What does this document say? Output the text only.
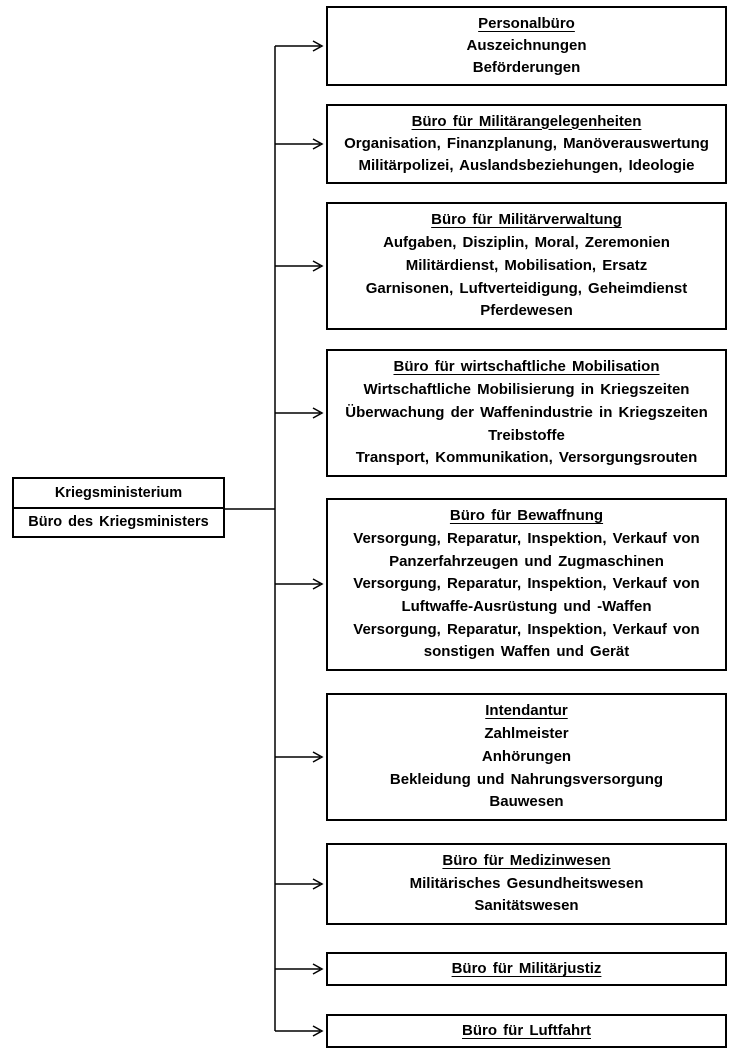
Kriegsministerium
Büro des Kriegsministers
Personalbüro
Auszeichnungen
Beförderungen
Büro für Militärangelegenheiten
Organisation, Finanzplanung, Manöverauswertung
Militärpolizei, Auslandsbeziehungen, Ideologie
Büro für Militärverwaltung
Aufgaben, Disziplin, Moral, Zeremonien
Militärdienst, Mobilisation, Ersatz
Garnisonen, Luftverteidigung, Geheimdienst
Pferdewesen
Büro für wirtschaftliche Mobilisation
Wirtschaftliche Mobilisierung in Kriegszeiten
Überwachung der Waffenindustrie in Kriegszeiten
Treibstoffe
Transport, Kommunikation, Versorgungsrouten
Büro für Bewaffnung
Versorgung, Reparatur, Inspektion, Verkauf von
Panzerfahrzeugen und Zugmaschinen
Versorgung, Reparatur, Inspektion, Verkauf von
Luftwaffe-Ausrüstung und -Waffen
Versorgung, Reparatur, Inspektion, Verkauf von
sonstigen Waffen und Gerät
Intendantur
Zahlmeister
Anhörungen
Bekleidung und Nahrungsversorgung
Bauwesen
Büro für Medizinwesen
Militärisches Gesundheitswesen
Sanitätswesen
Büro für Militärjustiz
Büro für Luftfahrt
